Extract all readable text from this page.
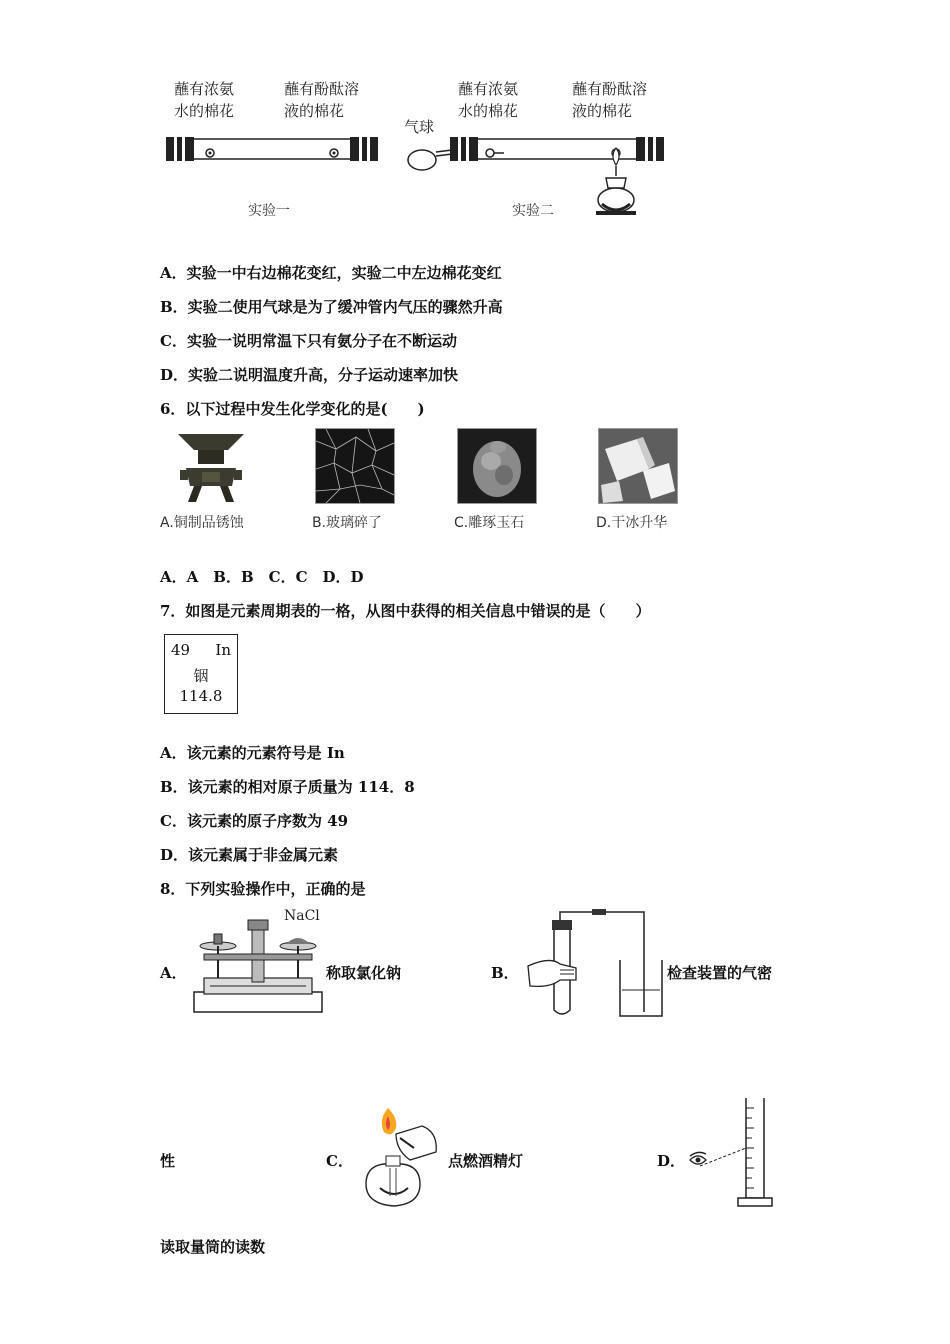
蘸有浓氨
水的棉花
蘸有酚酞溶
液的棉花
蘸有浓氨
水的棉花
蘸有酚酞溶
液的棉花
气球
实验一	实验二
A．实验一中右边棉花变红，实验二中左边棉花变红
B．实验二使用气球是为了缓冲管内气压的骤然升高
C．实验一说明常温下只有氨分子在不断运动
D．实验二说明温度升高，分子运动速率加快
6．以下过程中发生化学变化的是(　　)
A.铜制品锈蚀	B.玻璃碎了	C.雕琢玉石	D.干冰升华
A．A　B．B　C．C　D．D
7．如图是元素周期表的一格，从图中获得的相关信息中错误的是（　　）
49 In
铟
114.8
A．该元素的元素符号是 In
B．该元素的相对原子质量为 114．8
C．该元素的原子序数为 49
D．该元素属于非金属元素
8．下列实验操作中，正确的是
A．
NaCl
称取氯化钠	B．	检查装置的气密
性	C．	点燃酒精灯	D．
读取量筒的读数
